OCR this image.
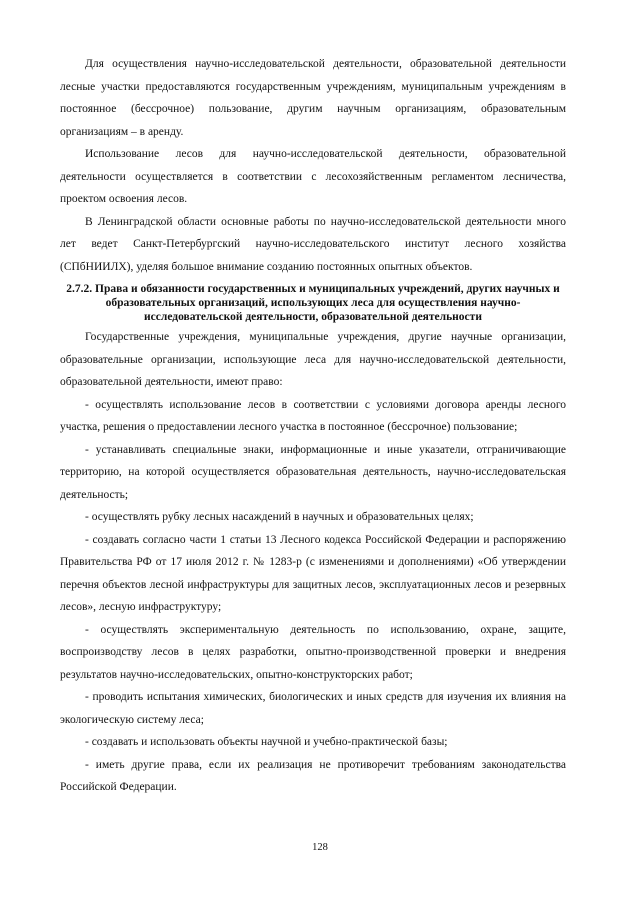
Для осуществления научно-исследовательской деятельности, образовательной деятельности лесные участки предоставляются государственным учреждениям, муниципальным учреждениям в постоянное (бессрочное) пользование, другим научным организациям, образовательным организациям – в аренду.

Использование лесов для научно-исследовательской деятельности, образовательной деятельности осуществляется в соответствии с лесохозяйственным регламентом лесничества, проектом освоения лесов.

В Ленинградской области основные работы по научно-исследовательской деятельности много лет ведет Санкт-Петербургский научно-исследовательского институт лесного хозяйства (СПбНИИЛХ), уделяя большое внимание созданию постоянных опытных объектов.

2.7.2. Права и обязанности государственных и муниципальных учреждений, других научных и образовательных организаций, использующих леса для осуществления научно-исследовательской деятельности, образовательной деятельности

Государственные учреждения, муниципальные учреждения, другие научные организации, образовательные организации, использующие леса для научно-исследовательской деятельности, образовательной деятельности, имеют право:

- осуществлять использование лесов в соответствии с условиями договора аренды лесного участка, решения о предоставлении лесного участка в постоянное (бессрочное) пользование;

- устанавливать специальные знаки, информационные и иные указатели, отграничивающие территорию, на которой осуществляется образовательная деятельность, научно-исследовательская деятельность;

- осуществлять рубку лесных насаждений в научных и образовательных целях;

- создавать согласно части 1 статьи 13 Лесного кодекса Российской Федерации и распоряжению Правительства РФ от 17 июля 2012 г. № 1283-р (с изменениями и дополнениями) «Об утверждении перечня объектов лесной инфраструктуры для защитных лесов, эксплуатационных лесов и резервных лесов», лесную инфраструктуру;

- осуществлять экспериментальную деятельность по использованию, охране, защите, воспроизводству лесов в целях разработки, опытно-производственной проверки и внедрения результатов научно-исследовательских, опытно-конструкторских работ;

- проводить испытания химических, биологических и иных средств для изучения их влияния на экологическую систему леса;

- создавать и использовать объекты научной и учебно-практической базы;

- иметь другие права, если их реализация не противоречит требованиям законодательства Российской Федерации.

128
